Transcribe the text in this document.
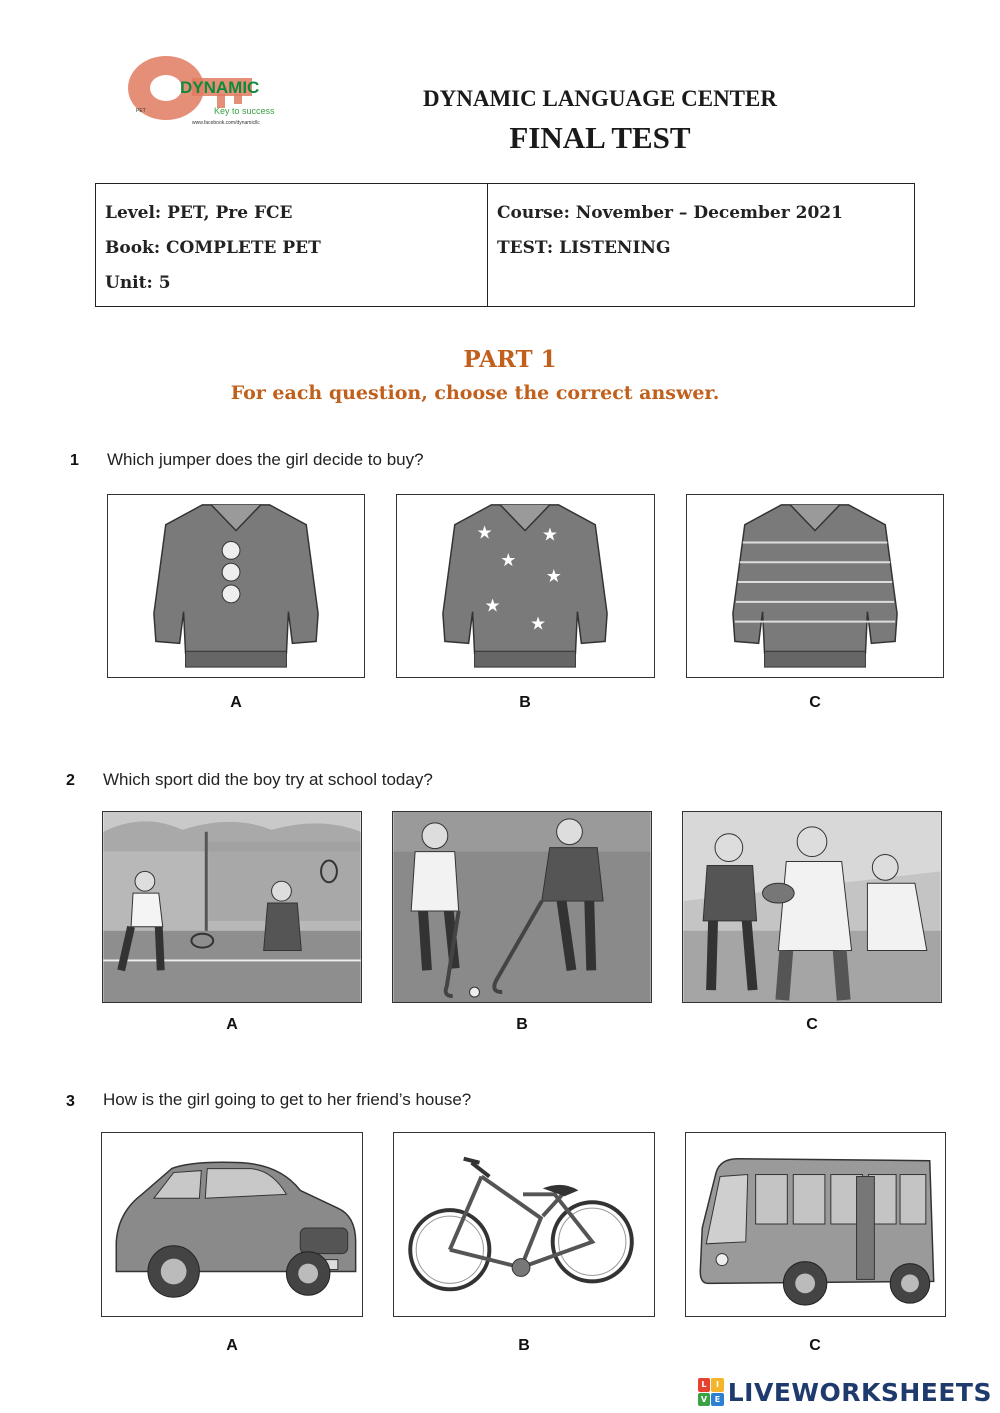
PET
DYNAMIC
Key to success
www.facebook.com/dynamicllc
DYNAMIC LANGUAGE CENTER
FINAL TEST
Level: PET, Pre FCE
Book: COMPLETE PET
Unit: 5
Course: November – December 2021
TEST: LISTENING
PART 1
For each question, choose the correct answer.
1 Which jumper does the girl decide to buy?
★	★
★
★
★
★
A	B	C
2 Which sport did the boy try at school today?
A	B	C
3 How is the girl going to get to her friend’s house?
A	B	C
L	I
V E LIVEWORKSHEETS
